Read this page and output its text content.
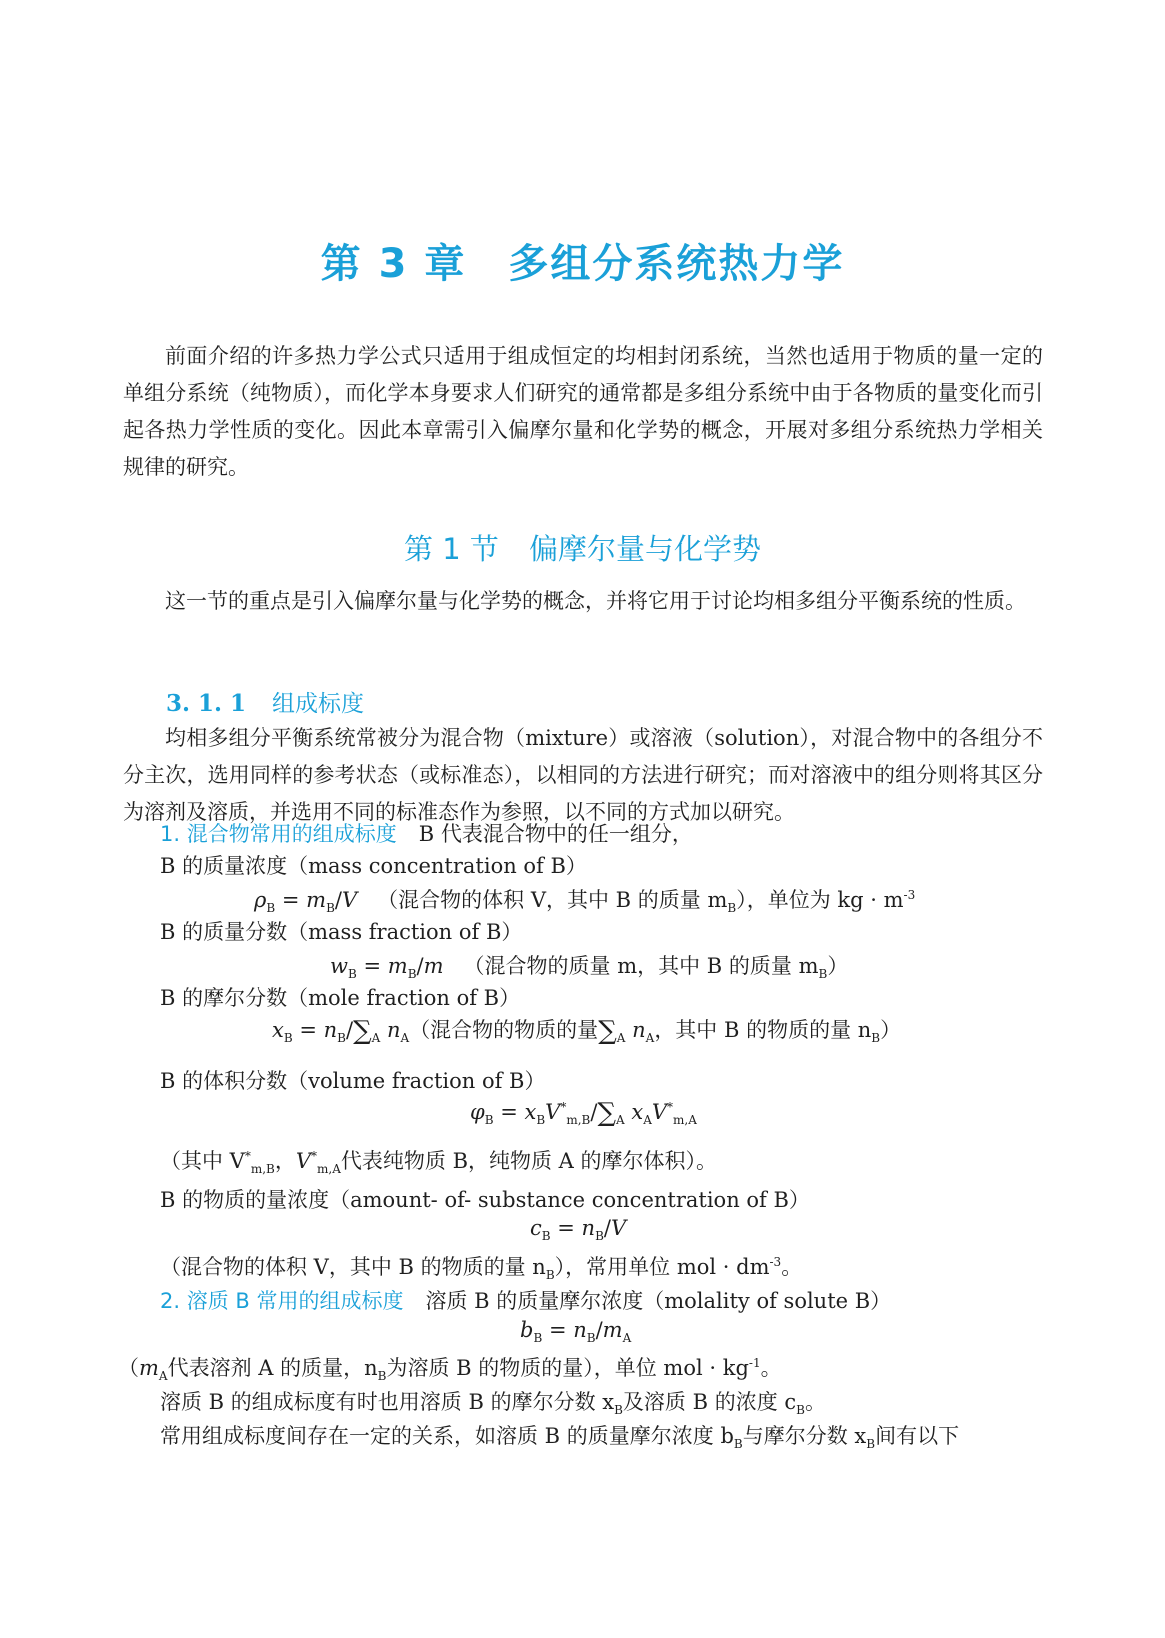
第 3 章 多组分系统热力学
前面介绍的许多热力学公式只适用于组成恒定的均相封闭系统，当然也适用于物质的量一定的单组分系统（纯物质），而化学本身要求人们研究的通常都是多组分系统中由于各物质的量变化而引起各热力学性质的变化。因此本章需引入偏摩尔量和化学势的概念，开展对多组分系统热力学相关规律的研究。
第 1 节 偏摩尔量与化学势
这一节的重点是引入偏摩尔量与化学势的概念，并将它用于讨论均相多组分平衡系统的性质。
3. 1. 1 组成标度
均相多组分平衡系统常被分为混合物（mixture）或溶液（solution），对混合物中的各组分不分主次，选用同样的参考状态（或标准态），以相同的方法进行研究；而对溶液中的组分则将其区分为溶剂及溶质，并选用不同的标准态作为参照，以不同的方式加以研究。
1. 混合物常用的组成标度 B 代表混合物中的任一组分，
B 的质量浓度（mass concentration of B）
$\rho_B = m_B/V$ （混合物的体积 V，其中 B 的质量 $m_B$），单位为 kg · $m^{-3}$
B 的质量分数（mass fraction of B）
$w_B = m_B/m$ （混合物的质量 m，其中 B 的质量 $m_B$）
B 的摩尔分数（mole fraction of B）
$x_B = n_B/\sum_A$ $n_A$（混合物的物质的量$\sum_A$ $n_A$，其中 B 的物质的量 $n_B$）
B 的体积分数（volume fraction of B）
$\varphi_B = x_BV^*_{m,B}/\sum_A$ $x_AV^*_{m,A}$
（其中 $V^*_{m,B}$，$V^*_{m,A}$代表纯物质 B，纯物质 A 的摩尔体积）。
B 的物质的量浓度（amount- of- substance concentration of B）
$c_B = n_B/V$
（混合物的体积 V，其中 B 的物质的量 $n_B$），常用单位 mol · $dm^{-3}$。
2. 溶质 B 常用的组成标度 溶质 B 的质量摩尔浓度（molality of solute B）
$b_B = n_B/m_A$
（$m_A$代表溶剂 A 的质量，$n_B$为溶质 B 的物质的量），单位 mol · $kg^{-1}$。
溶质 B 的组成标度有时也用溶质 B 的摩尔分数 $x_B$及溶质 B 的浓度 $c_B$。
常用组成标度间存在一定的关系，如溶质 B 的质量摩尔浓度 $b_B$与摩尔分数 $x_B$间有以下
